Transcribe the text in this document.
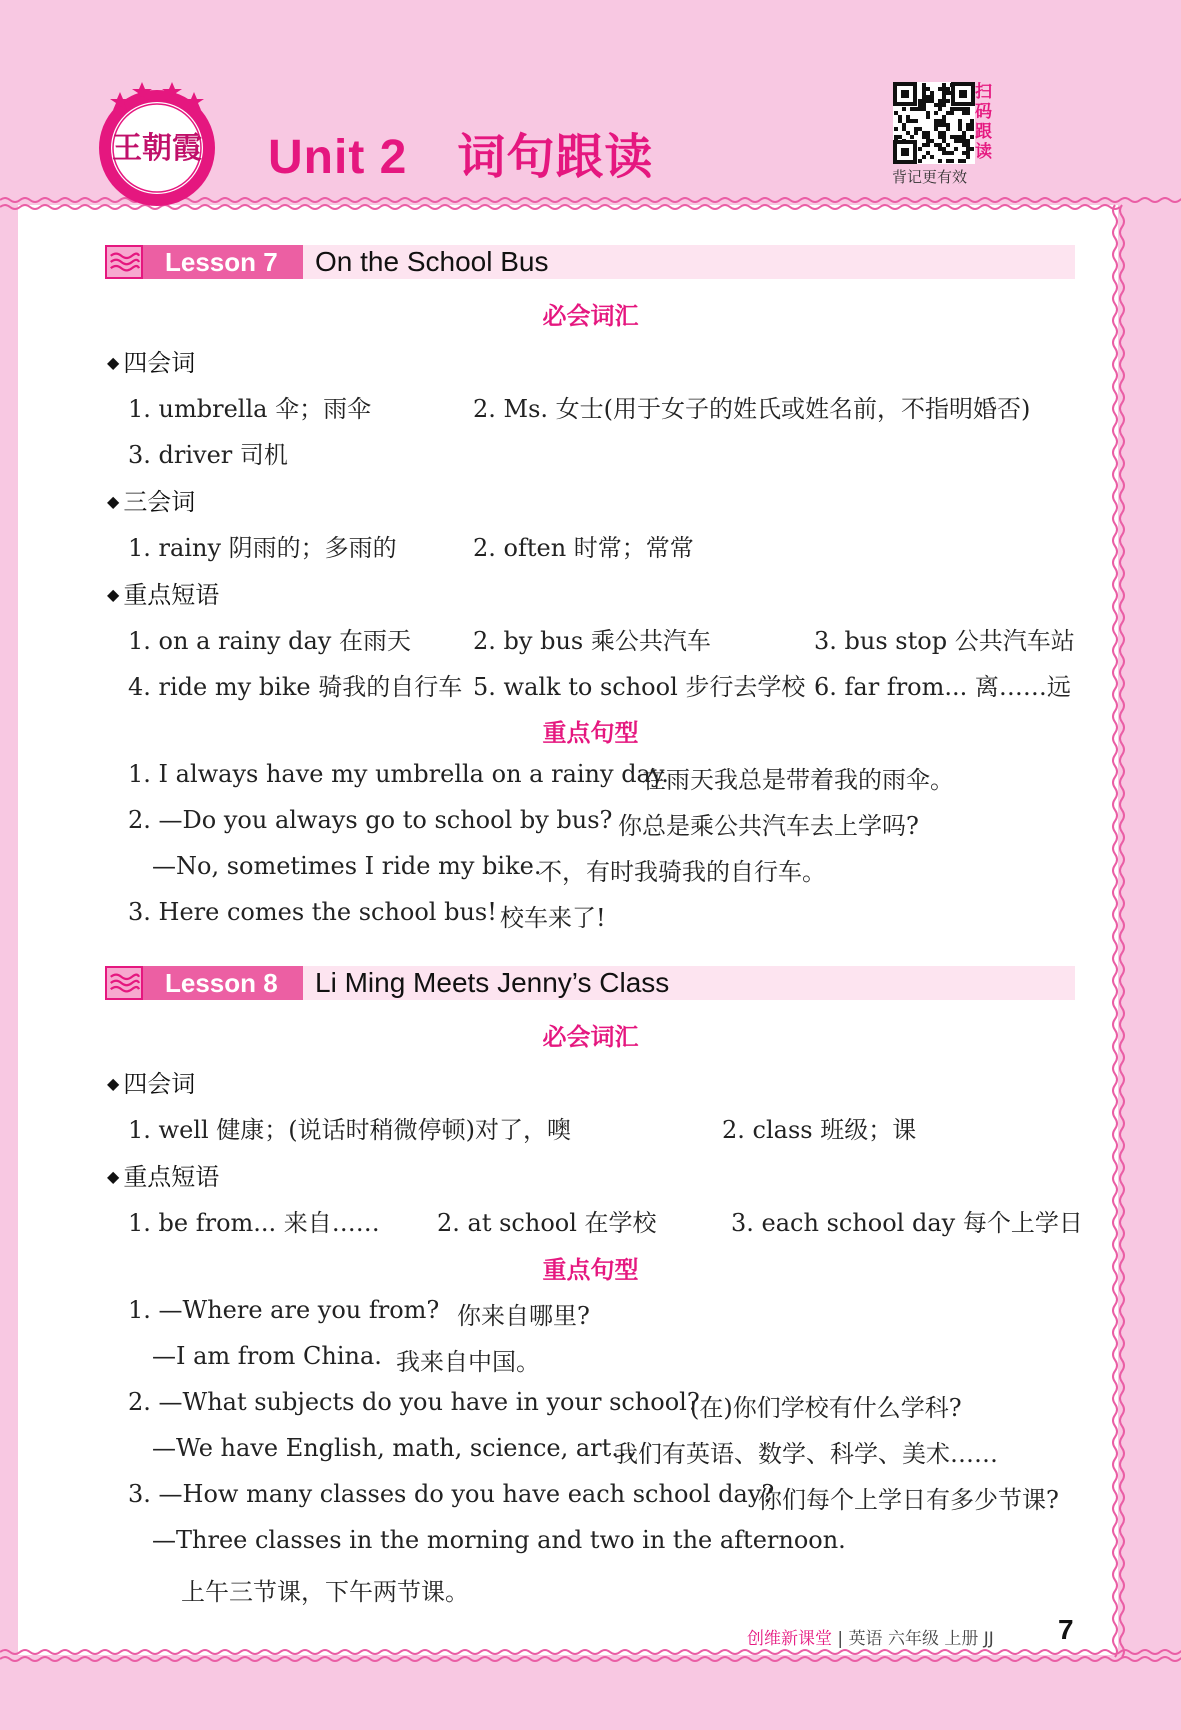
王朝霞 Unit 2 词句跟读
扫码跟读
背记更有效
Lesson 7	On the School Bus
必会词汇
◆ 四会词
1. umbrella 伞；雨伞	2. Ms. 女士(用于女子的姓氏或姓名前，不指明婚否)
3. driver 司机
◆ 三会词
1. rainy 阴雨的；多雨的	2. often 时常；常常
◆ 重点短语
1. on a rainy day 在雨天	2. by bus 乘公共汽车	3. bus stop 公共汽车站
4. ride my bike 骑我的自行车 5. walk to school 步行去学校 6. far from... 离……远
重点句型
1. I always have my umbrella on a rainy day.
在雨天我总是带着我的雨伞。
2. —Do you always go to school by bus? 你总是乘公共汽车去上学吗?
—No, sometimes I ride my bike.
不，有时我骑我的自行车。
3. Here comes the school bus! 校车来了!
Lesson 8	Li Ming Meets Jenny’s Class
必会词汇
◆ 四会词
1. well 健康；(说话时稍微停顿)对了，噢	2. class 班级；课
◆ 重点短语
1. be from... 来自…… 2. at school 在学校	3. each school day 每个上学日
重点句型
1. —Where are you from? 你来自哪里?
—I am from China. 我来自中国。
2. —What subjects do you have in your school?
(在)你们学校有什么学科?
—We have English, math, science, art...
我们有英语、数学、科学、美术……
3. —How many classes do you have each school day?
你们每个上学日有多少节课?
—Three classes in the morning and two in the afternoon.
上午三节课，下午两节课。
创维新课堂 | 英语 六年级 上册 JJ 7
